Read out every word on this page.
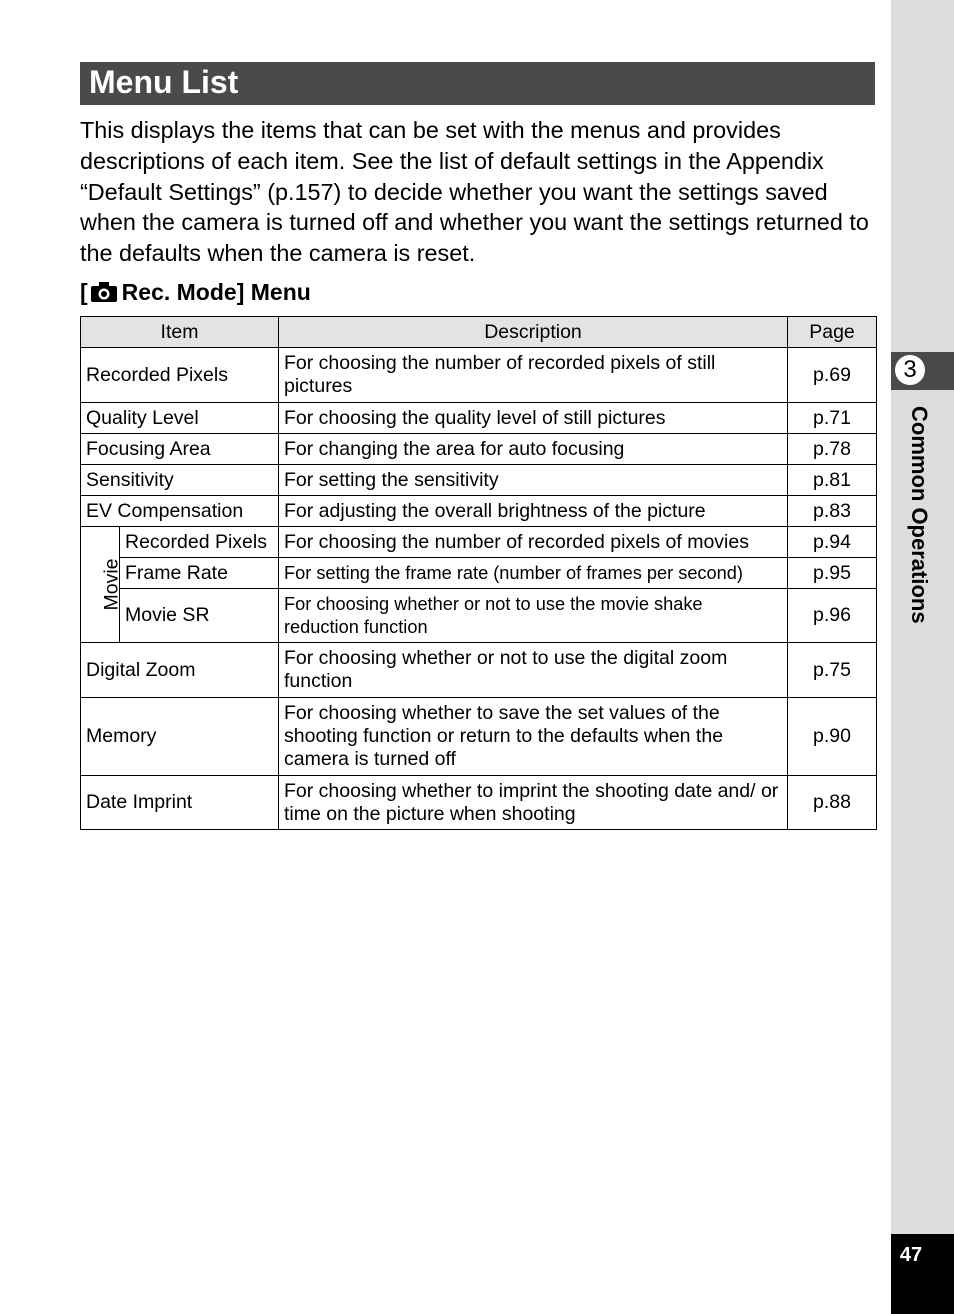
Menu List

This displays the items that can be set with the menus and provides descriptions of each item. See the list of default settings in the Appendix “Default Settings” (p.157) to decide whether you want the settings saved when the camera is turned off and whether you want the settings returned to the defaults when the camera is reset.

[ Rec. Mode] Menu
Item		Description	Page
Recorded Pixels		For choosing the number of recorded pixels of still pictures	p.69
Quality Level		For choosing the quality level of still pictures	p.71
Focusing Area		For changing the area for auto focusing	p.78
Sensitivity		For setting the sensitivity	p.81
EV Compensation		For adjusting the overall brightness of the picture	p.83
Movie	Recorded Pixels	For choosing the number of recorded pixels of movies	p.94
	Frame Rate	For setting the frame rate (number of frames per second)	p.95
	Movie SR	For choosing whether or not to use the movie shake reduction function	p.96
Digital Zoom		For choosing whether or not to use the digital zoom function	p.75
Memory		For choosing whether to save the set values of the shooting function or return to the defaults when the camera is turned off	p.90
Date Imprint		For choosing whether to imprint the shooting date and/ or time on the picture when shooting	p.88
3
Common Operations
47
